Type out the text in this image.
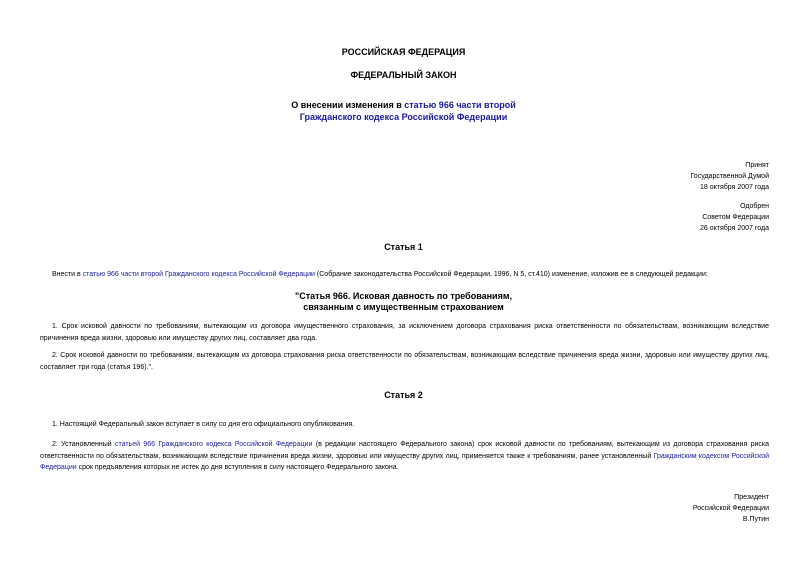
РОССИЙСКАЯ ФЕДЕРАЦИЯ
ФЕДЕРАЛЬНЫЙ ЗАКОН
О внесении изменения в статью 966 части второй
Гражданского кодекса Российской Федерации
Принят
Государственной Думой
18 октября 2007 года
Одобрен
Советом Федерации
26 октября 2007 года
Статья 1
Внести в статью 966 части второй Гражданского кодекса Российской Федерации (Собрание законодательства Российской Федерации, 1996, N 5, ст.410) изменение, изложив ее в следующей редакции:
"Статья 966. Исковая давность по требованиям,
связанным с имущественным страхованием
1. Срок исковой давности по требованиям, вытекающим из договора имущественного страхования, за исключением договора страхования риска ответственности по обязательствам, возникающим вследствие причинения вреда жизни, здоровью или имуществу других лиц, составляет два года.
2. Срок исковой давности по требованиям, вытекающим из договора страхования риска ответственности по обязательствам, возникающим вследствие причинения вреда жизни, здоровью или имуществу других лиц, составляет три года (статья 196).".
Статья 2
1. Настоящий Федеральный закон вступает в силу со дня его официального опубликования.
2. Установленный статьей 966 Гражданского кодекса Российской Федерации (в редакции настоящего Федерального закона) срок исковой давности по требованиям, вытекающим из договора страхования риска ответственности по обязательствам, возникающим вследствие причинения вреда жизни, здоровью или имуществу других лиц, применяется также к требованиям, ранее установленный Гражданским кодексом Российской Федерации срок предъявления которых не истек до дня вступления в силу настоящего Федерального закона.
Президент
Российской Федерации
В.Путин
